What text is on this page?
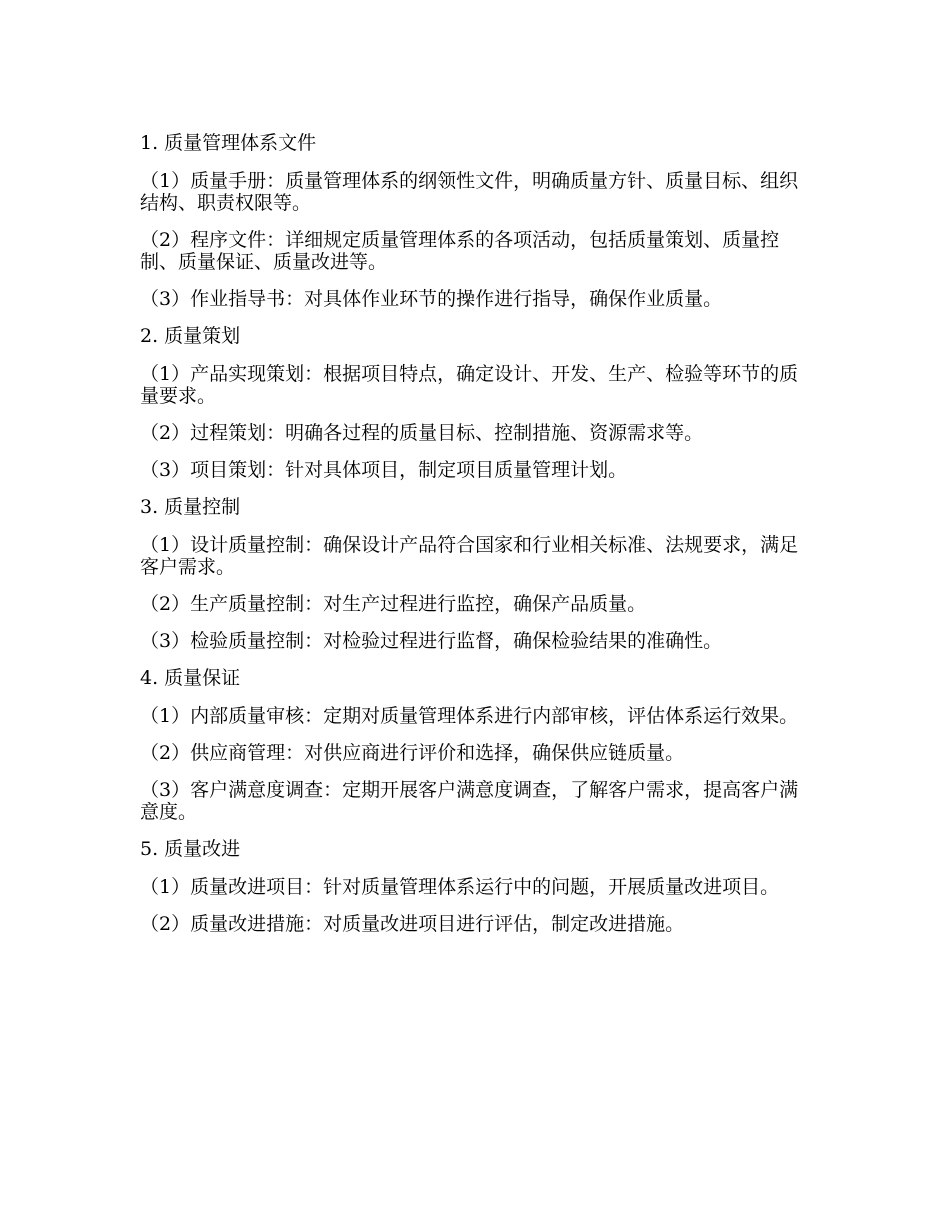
1. 质量管理体系文件

（1）质量手册：质量管理体系的纲领性文件，明确质量方针、质量目标、组织结构、职责权限等。

（2）程序文件：详细规定质量管理体系的各项活动，包括质量策划、质量控制、质量保证、质量改进等。

（3）作业指导书：对具体作业环节的操作进行指导，确保作业质量。

2. 质量策划

（1）产品实现策划：根据项目特点，确定设计、开发、生产、检验等环节的质量要求。

（2）过程策划：明确各过程的质量目标、控制措施、资源需求等。

（3）项目策划：针对具体项目，制定项目质量管理计划。

3. 质量控制

（1）设计质量控制：确保设计产品符合国家和行业相关标准、法规要求，满足客户需求。

（2）生产质量控制：对生产过程进行监控，确保产品质量。

（3）检验质量控制：对检验过程进行监督，确保检验结果的准确性。

4. 质量保证

（1）内部质量审核：定期对质量管理体系进行内部审核，评估体系运行效果。

（2）供应商管理：对供应商进行评价和选择，确保供应链质量。

（3）客户满意度调查：定期开展客户满意度调查，了解客户需求，提高客户满意度。

5. 质量改进

（1）质量改进项目：针对质量管理体系运行中的问题，开展质量改进项目。

（2）质量改进措施：对质量改进项目进行评估，制定改进措施。
